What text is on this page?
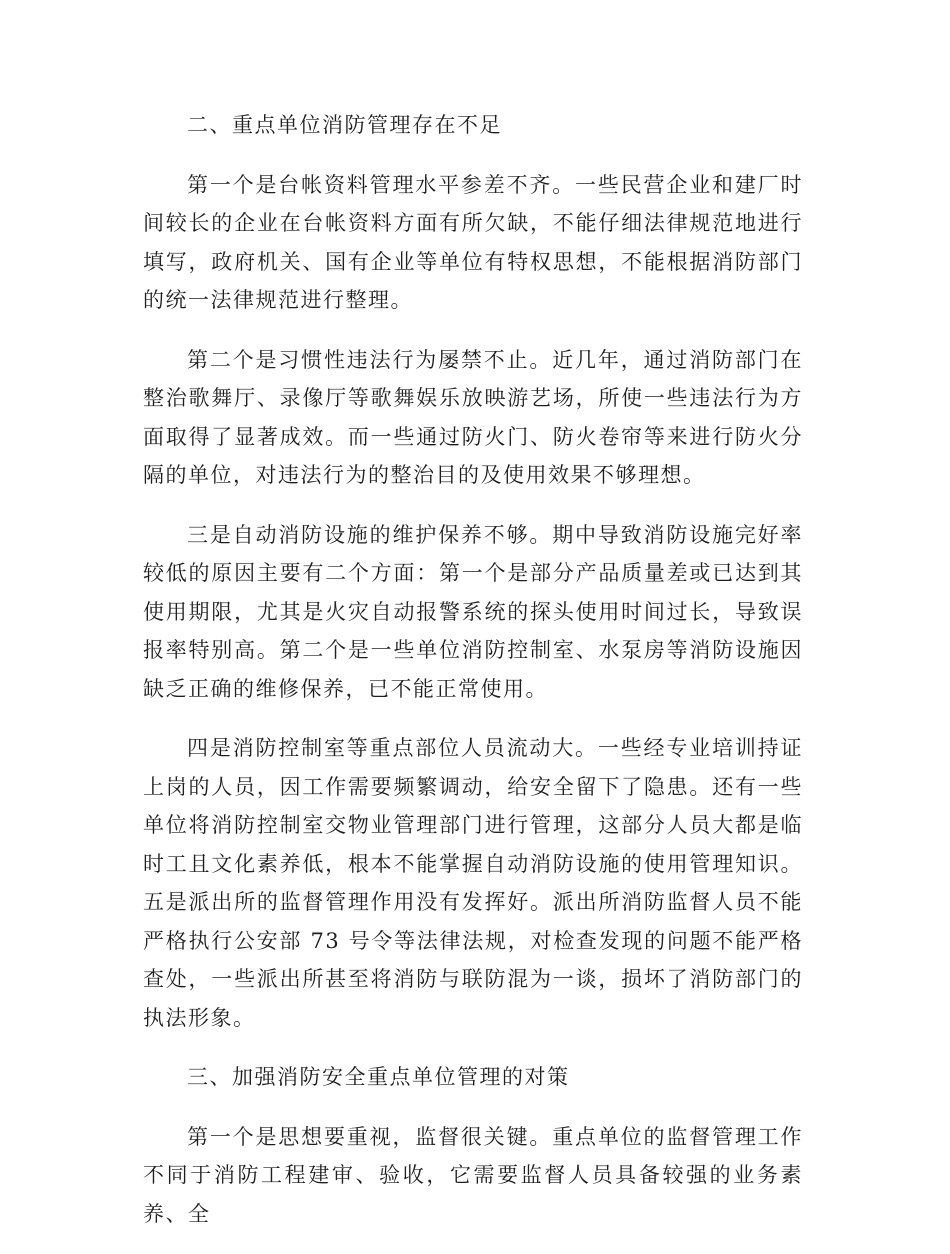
二、重点单位消防管理存在不足

第一个是台帐资料管理水平参差不齐。一些民营企业和建厂时间较长的企业在台帐资料方面有所欠缺，不能仔细法律规范地进行填写，政府机关、国有企业等单位有特权思想，不能根据消防部门的统一法律规范进行整理。

第二个是习惯性违法行为屡禁不止。近几年，通过消防部门在整治歌舞厅、录像厅等歌舞娱乐放映游艺场，所使一些违法行为方面取得了显著成效。而一些通过防火门、防火卷帘等来进行防火分隔的单位，对违法行为的整治目的及使用效果不够理想。

三是自动消防设施的维护保养不够。期中导致消防设施完好率较低的原因主要有二个方面：第一个是部分产品质量差或已达到其使用期限，尤其是火灾自动报警系统的探头使用时间过长，导致误报率特别高。第二个是一些单位消防控制室、水泵房等消防设施因缺乏正确的维修保养，已不能正常使用。

四是消防控制室等重点部位人员流动大。一些经专业培训持证上岗的人员，因工作需要频繁调动，给安全留下了隐患。还有一些单位将消防控制室交物业管理部门进行管理，这部分人员大都是临时工且文化素养低，根本不能掌握自动消防设施的使用管理知识。五是派出所的监督管理作用没有发挥好。派出所消防监督人员不能严格执行公安部 73 号令等法律法规，对检查发现的问题不能严格查处，一些派出所甚至将消防与联防混为一谈，损坏了消防部门的执法形象。

三、加强消防安全重点单位管理的对策

第一个是思想要重视，监督很关键。重点单位的监督管理工作不同于消防工程建审、验收，它需要监督人员具备较强的业务素养、全
